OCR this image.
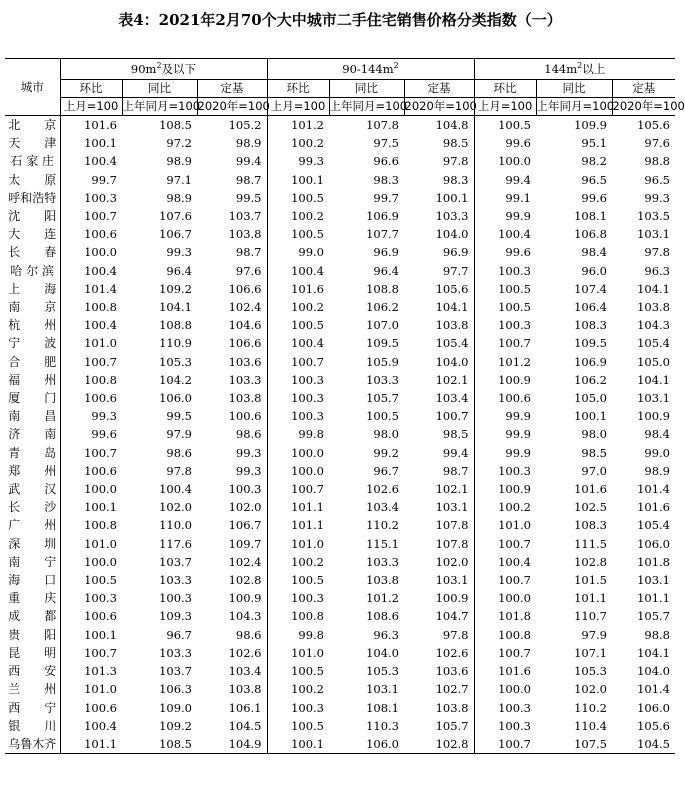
表4：2021年2月70个大中城市二手住宅销售价格分类指数（一）
城市	$90m^2$及以下			$90-144m^2$			$144m^2$以上		
	环比	同比	定基	环比	同比	定基	环比	同比	定基
	上月=100	上年同月=100	2020年=100	上月=100	上年同月=100	2020年=100	上月=100	上年同月=100	2020年=100
北　　京	101.6	108.5	105.2	101.2	107.8	104.8	100.5	109.9	105.6
天　　津	100.1	97.2	98.9	100.2	97.5	98.5	99.6	95.1	97.6
石 家 庄	100.4	98.9	99.4	99.3	96.6	97.8	100.0	98.2	98.8
太　　原	99.7	97.1	98.7	100.1	98.3	98.3	99.4	96.5	96.5
呼和浩特	100.3	98.9	99.5	100.5	99.7	100.1	99.1	99.6	99.3
沈　　阳	100.7	107.6	103.7	100.2	106.9	103.3	99.9	108.1	103.5
大　　连	100.6	106.7	103.8	100.5	107.7	104.0	100.4	106.8	103.1
长　　春	100.0	99.3	98.7	99.0	96.9	96.9	99.6	98.4	97.8
哈 尔 滨	100.4	96.4	97.6	100.4	96.4	97.7	100.3	96.0	96.3
上　　海	101.4	109.2	106.6	101.6	108.8	105.6	100.5	107.4	104.1
南　　京	100.8	104.1	102.4	100.2	106.2	104.1	100.5	106.4	103.8
杭　　州	100.4	108.8	104.6	100.5	107.0	103.8	100.3	108.3	104.3
宁　　波	101.0	110.9	106.6	100.4	109.5	105.4	100.7	109.5	105.4
合　　肥	100.7	105.3	103.6	100.7	105.9	104.0	101.2	106.9	105.0
福　　州	100.8	104.2	103.3	100.3	103.3	102.1	100.9	106.2	104.1
厦　　门	100.6	106.0	103.8	100.3	105.7	103.4	100.6	105.0	103.1
南　　昌	99.3	99.5	100.6	100.3	100.5	100.7	99.9	100.1	100.9
济　　南	99.6	97.9	98.6	99.8	98.0	98.5	99.9	98.0	98.4
青　　岛	100.7	98.6	99.3	100.0	99.2	99.4	99.9	98.5	99.0
郑　　州	100.6	97.8	99.3	100.0	96.7	98.7	100.3	97.0	98.9
武　　汉	100.0	100.4	100.3	100.7	102.6	102.1	100.9	101.6	101.4
长　　沙	100.1	102.0	102.0	101.1	103.4	103.1	100.2	102.5	101.6
广　　州	100.8	110.0	106.7	101.1	110.2	107.8	101.0	108.3	105.4
深　　圳	101.0	117.6	109.7	101.0	115.1	107.8	100.7	111.5	106.0
南　　宁	100.0	103.7	102.4	100.2	103.3	102.0	100.4	102.8	101.8
海　　口	100.5	103.3	102.8	100.5	103.8	103.1	100.7	101.5	103.1
重　　庆	100.3	100.3	100.9	100.3	101.2	100.9	100.0	101.1	101.1
成　　都	100.6	109.3	104.3	100.8	108.6	104.7	101.8	110.7	105.7
贵　　阳	100.1	96.7	98.6	99.8	96.3	97.8	100.8	97.9	98.8
昆　　明	100.7	103.3	102.6	101.0	104.0	102.6	100.7	107.1	104.1
西　　安	101.3	103.7	103.4	100.5	105.3	103.6	101.6	105.3	104.0
兰　　州	101.0	106.3	103.8	100.2	103.1	102.7	100.0	102.0	101.4
西　　宁	100.6	109.0	106.1	100.3	108.1	103.8	100.3	110.2	106.0
银　　川	100.4	109.2	104.5	100.5	110.3	105.7	100.3	110.4	105.6
乌鲁木齐	101.1	108.5	104.9	100.1	106.0	102.8	100.7	107.5	104.5
